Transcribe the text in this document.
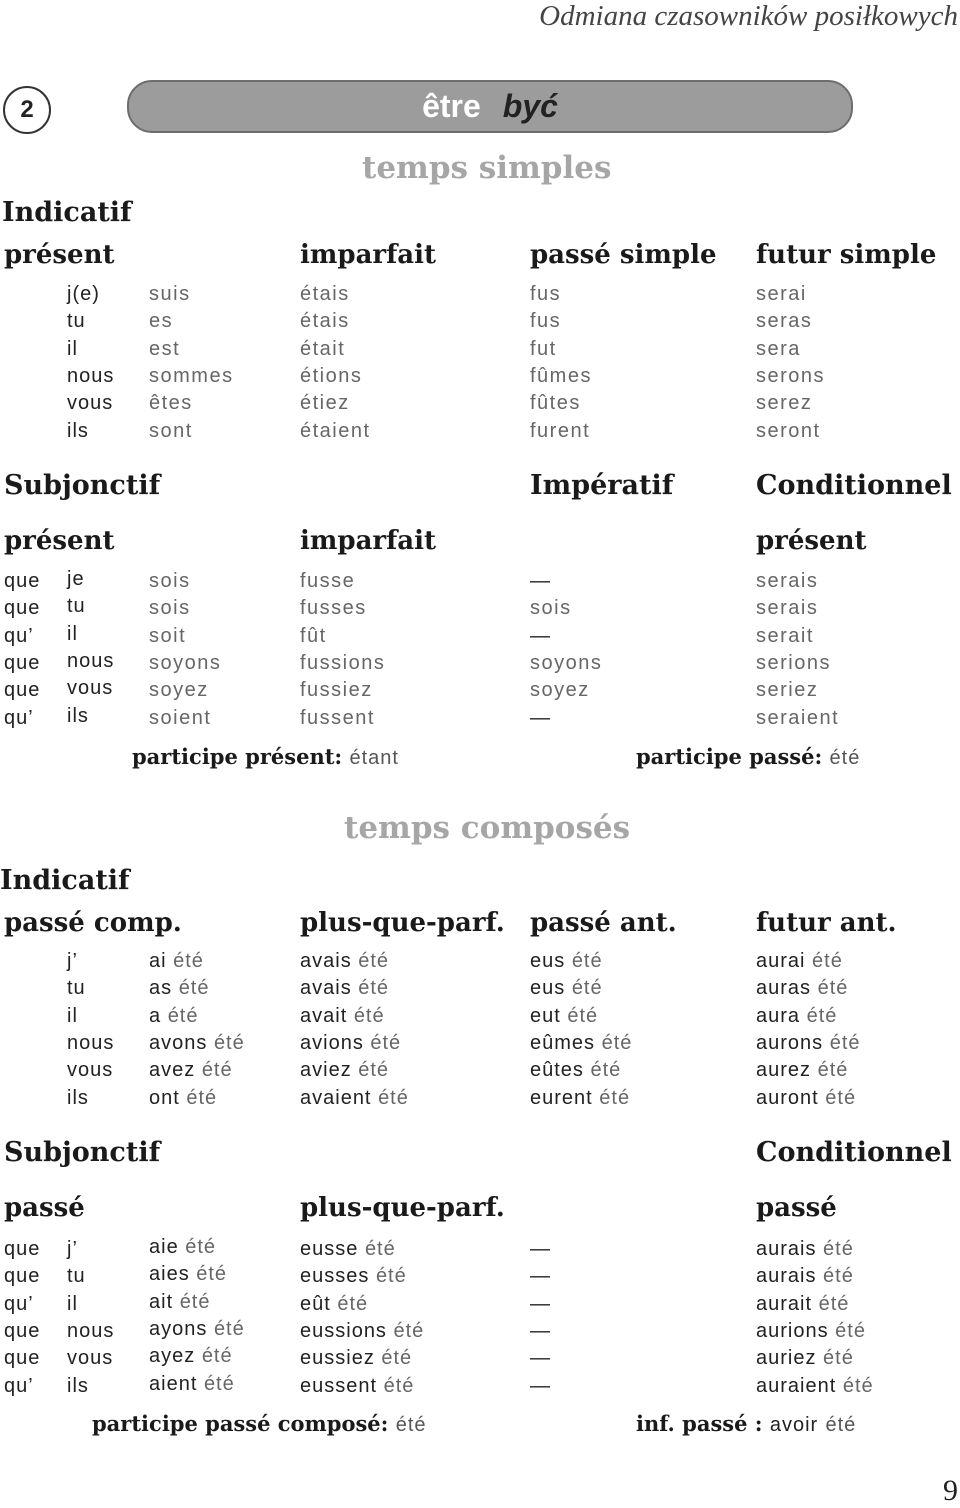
Odmiana czasowników posiłkowych
2	être być
temps simples
Indicatif
présent	imparfait	passé simple futur simple
j(e) suis	étais	fus	serai
tu	es	étais	fus	seras
il	est	était	fut	sera
nous sommes	étions	fûmes	serons
vous êtes	étiez	fûtes	serez
ils	sont	étaient	furent	seront
Subjonctif	Impératif	Conditionnel
présent	imparfait	présent
que je	sois	fusse	—	serais
que tu	sois	fusses	sois	serais
qu’ il	soit	fût	—	serait
que nous soyons	fussions	soyons	serions
que vous soyez	fussiez	soyez	seriez
qu’ ils	soient	fussent	—	seraient
participe présent: étant	participe passé: été
temps composés
Indicatif
passé comp.	plus-que-parf. passé ant.	futur ant.
j’	ai été	avais été	eus été	aurai été
tu	as été	avais été	eus été	auras été
il	a été	avait été	eut été	aura été
nous avons été	avions été	eûmes été	aurons été
vous avez été	aviez été	eûtes été	aurez été
ils	ont été	avaient été	eurent été	auront été
Subjonctif	Conditionnel
passé	plus-que-parf.	passé
que j’	aie été	eusse été	—	aurais été
que tu	aies été	eusses été	—	aurais été
qu’ il	ait été	eût été	—	aurait été
que nous ayons été	eussions été	—	aurions été
que vous ayez été	eussiez été	—	auriez été
qu’ ils	aient été	eussent été	—	auraient été
participe passé composé: été	inf. passé : avoir été
9
